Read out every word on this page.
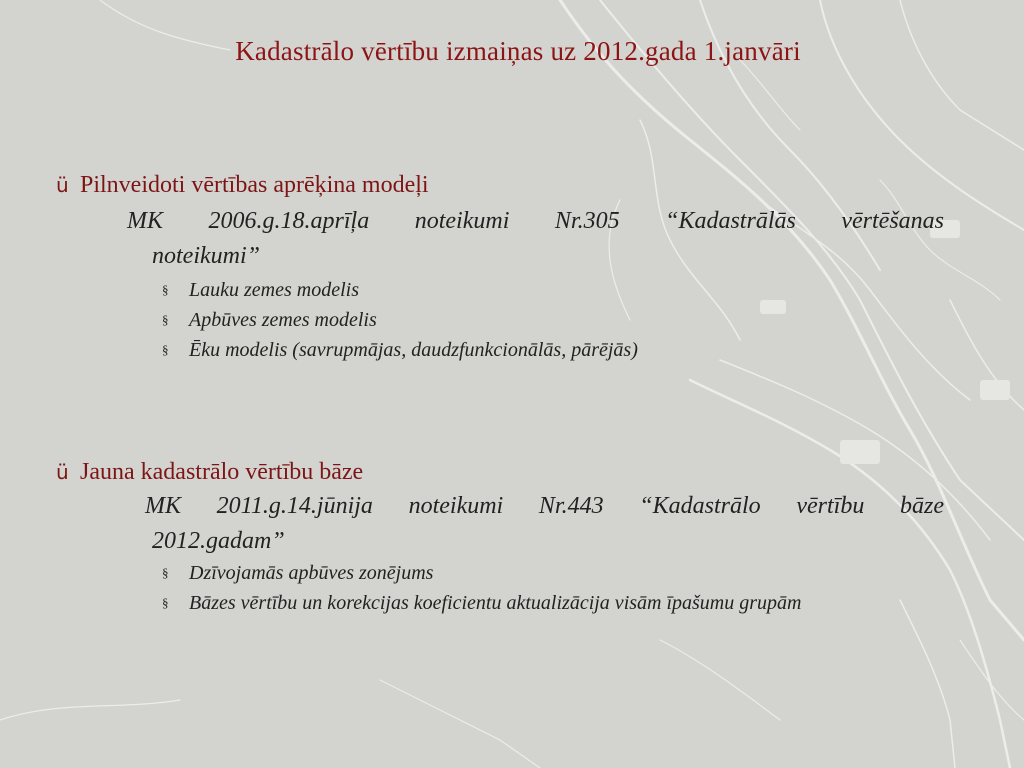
Kadastrālo vērtību izmaiņas uz 2012.gada 1.janvāri
ü Pilnveidoti vērtības aprēķina modeļi
MK 2006.g.18.aprīļa noteikumi Nr.305 “Kadastrālās vērtēšanas
noteikumi”
§ Lauku zemes modelis
§ Apbūves zemes modelis
§ Ēku modelis (savrupmājas, daudzfunkcionālās, pārējās)
ü Jauna kadastrālo vērtību bāze
MK 2011.g.14.jūnija noteikumi Nr.443 “Kadastrālo vērtību bāze
2012.gadam”
§ Dzīvojamās apbūves zonējums
§ Bāzes vērtību un korekcijas koeficientu aktualizācija visām īpašumu grupām
